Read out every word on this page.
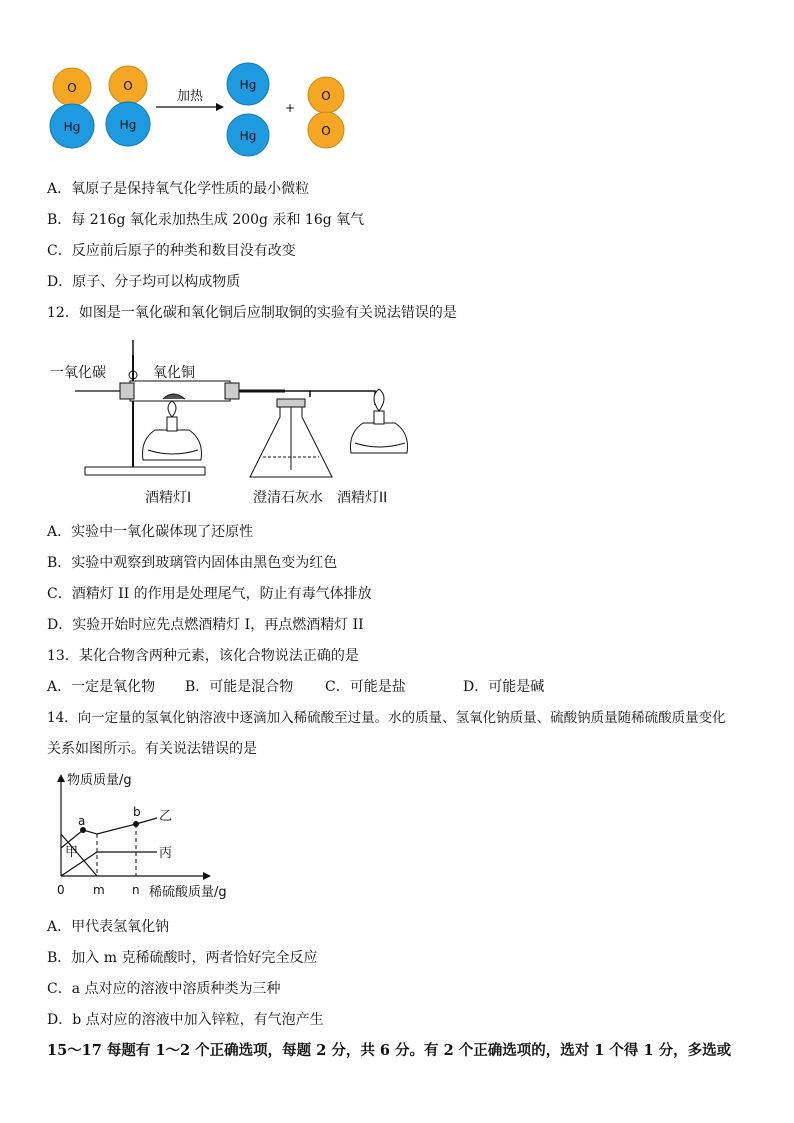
O
Hg
O
Hg
加热
Hg
Hg
+
O
O
A．氧原子是保持氧气化学性质的最小微粒
B．每 216g 氧化汞加热生成 200g 汞和 16g 氧气
C．反应前后原子的种类和数目没有改变
D．原子、分子均可以构成物质
12．如图是一氧化碳和氧化铜后应制取铜的实验有关说法错误的是
一氧化碳	氧化铜
酒精灯I	澄清石灰水 酒精灯II
A．实验中一氧化碳体现了还原性
B．实验中观察到玻璃管内固体由黑色变为红色
C．酒精灯 II 的作用是处理尾气，防止有毒气体排放
D．实验开始时应先点燃酒精灯 I，再点燃酒精灯 II
13．某化合物含两种元素，该化合物说法正确的是
A．一定是氧化物 B．可能是混合物 C．可能是盐	D．可能是碱
14．向一定量的氢氧化钠溶液中逐滴加入稀硫酸至过量。水的质量、氢氧化钠质量、硫酸钠质量随稀硫酸质量变化
关系如图所示。有关说法错误的是
物质质量/g
稀硫酸质量/g
0 m n
a
b 乙
丙
甲
A．甲代表氢氧化钠
B．加入 m 克稀硫酸时，两者恰好完全反应
C．a 点对应的溶液中溶质种类为三种
D．b 点对应的溶液中加入锌粒，有气泡产生
15～17 每题有 1～2 个正确选项，每题 2 分，共 6 分。有 2 个正确选项的，选对 1 个得 1 分，多选或
